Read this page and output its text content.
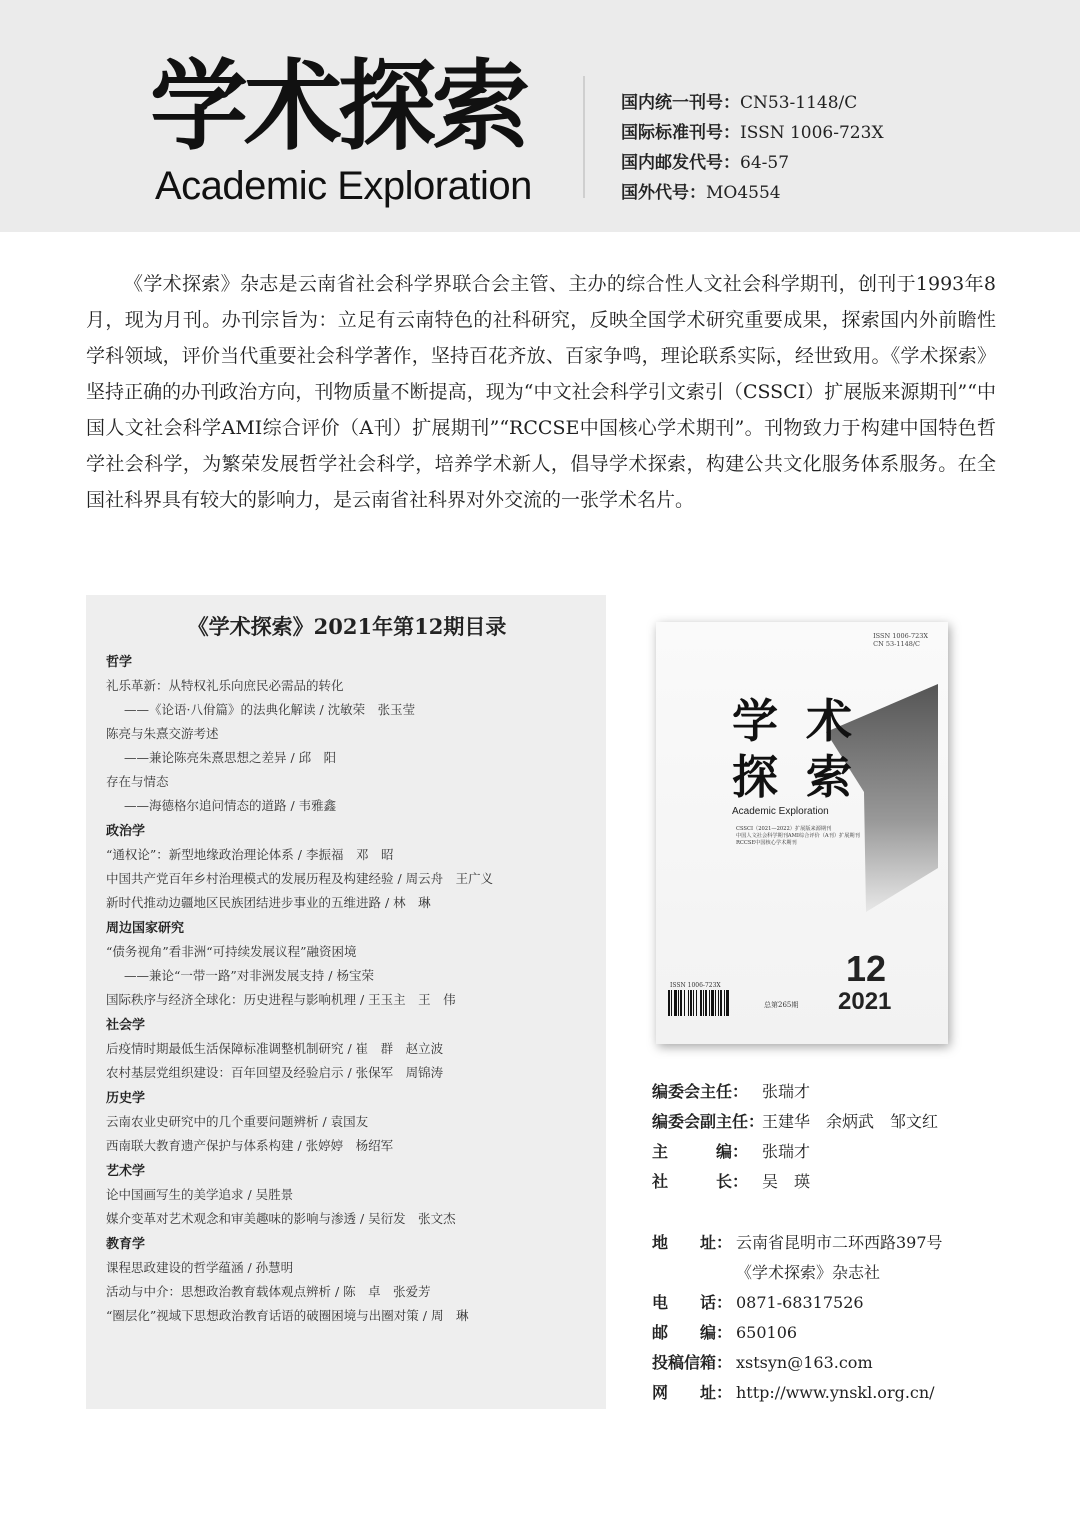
学术探索
Academic Exploration
国内统一刊号：CN53-1148/C
国际标准刊号：ISSN 1006-723X
国内邮发代号：64-57
国外代号：MO4554

《学术探索》杂志是云南省社会科学界联合会主管、主办的综合性人文社会科学期刊，创刊于1993年8月，现为月刊。办刊宗旨为：立足有云南特色的社科研究，反映全国学术研究重要成果，探索国内外前瞻性学科领域，评价当代重要社会科学著作，坚持百花齐放、百家争鸣，理论联系实际，经世致用。《学术探索》坚持正确的办刊政治方向，刊物质量不断提高，现为“中文社会科学引文索引（CSSCI）扩展版来源期刊”“中国人文社会科学AMI综合评价（A刊）扩展期刊”“RCCSE中国核心学术期刊”。刊物致力于构建中国特色哲学社会科学，为繁荣发展哲学社会科学，培养学术新人，倡导学术探索，构建公共文化服务体系服务。在全国社科界具有较大的影响力，是云南省社科界对外交流的一张学术名片。

《学术探索》2021年第12期目录
哲学
礼乐革新：从特权礼乐向庶民必需品的转化
——《论语·八佾篇》的法典化解读 / 沈敏荣　张玉莹
陈亮与朱熹交游考述
——兼论陈亮朱熹思想之差异 / 邱　阳
存在与情态
——海德格尔追问情态的道路 / 韦雅鑫
政治学
“通权论”：新型地缘政治理论体系 / 李振福　邓　昭
中国共产党百年乡村治理模式的发展历程及构建经验 / 周云舟　王广义
新时代推动边疆地区民族团结进步事业的五维进路 / 林　琳
周边国家研究
“债务视角”看非洲“可持续发展议程”融资困境
——兼论“一带一路”对非洲发展支持 / 杨宝荣
国际秩序与经济全球化：历史进程与影响机理 / 王玉主　王　伟
社会学
后疫情时期最低生活保障标准调整机制研究 / 崔　群　赵立波
农村基层党组织建设：百年回望及经验启示 / 张保军　周锦涛
历史学
云南农业史研究中的几个重要问题辨析 / 袁国友
西南联大教育遗产保护与体系构建 / 张婷婷　杨绍军
艺术学
论中国画写生的美学追求 / 吴胜景
媒介变革对艺术观念和审美趣味的影响与渗透 / 吴衍发　张文杰
教育学
课程思政建设的哲学蕴涵 / 孙慧明
活动与中介：思想政治教育载体观点辨析 / 陈　卓　张爱芳
“圈层化”视域下思想政治教育话语的破圈困境与出圈对策 / 周　琳
ISSN 1006-723X
CN 53-1148/C
学 术
探 索
Academic Exploration
CSSCI（2021—2022）扩展版来源期刊
中国人文社会科学期刊AMI综合评价（A刊）扩展期刊
RCCSE中国核心学术期刊
12
2021
总第265期
ISSN 1006-723X
编委会主任： 张瑞才
编委会副主任：王建华　余炳武　邹文红
主　　　编： 张瑞才
社　　　长： 吴　瑛
地　　址： 云南省昆明市二环西路397号
《学术探索》杂志社
电　　话： 0871-68317526
邮　　编： 650106
投稿信箱： xstsyn@163.com
网　　址： http://www.ynskl.org.cn/
